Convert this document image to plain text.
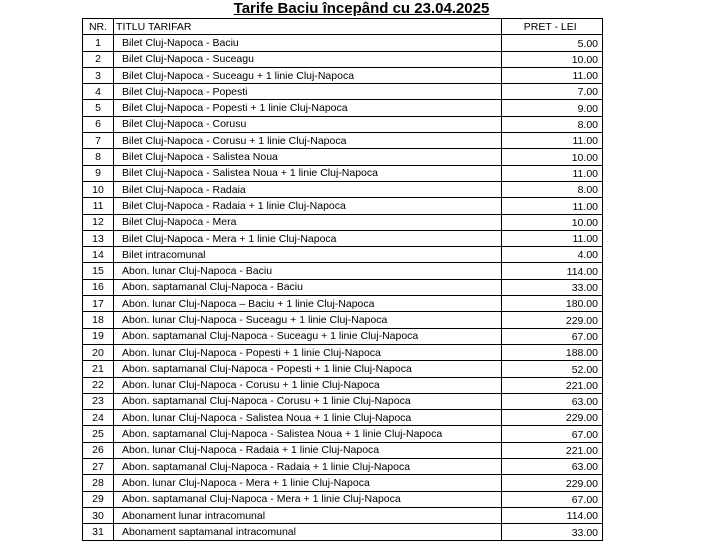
Tarife Baciu începând cu 23.04.2025
NR.	TITLU TARIFAR	PRET - LEI
1	Bilet Cluj-Napoca - Baciu	5.00
2	Bilet Cluj-Napoca - Suceagu	10.00
3	Bilet Cluj-Napoca - Suceagu + 1 linie Cluj-Napoca	11.00
4	Bilet Cluj-Napoca - Popesti	7.00
5	Bilet Cluj-Napoca - Popesti + 1 linie Cluj-Napoca	9.00
6	Bilet Cluj-Napoca - Corusu	8.00
7	Bilet Cluj-Napoca - Corusu + 1 linie Cluj-Napoca	11.00
8	Bilet Cluj-Napoca - Salistea Noua	10.00
9	Bilet Cluj-Napoca - Salistea Noua + 1 linie Cluj-Napoca	11.00
10	Bilet Cluj-Napoca - Radaia	8.00
11	Bilet Cluj-Napoca - Radaia + 1 linie Cluj-Napoca	11.00
12	Bilet Cluj-Napoca - Mera	10.00
13	Bilet Cluj-Napoca - Mera + 1 linie Cluj-Napoca	11.00
14	Bilet intracomunal	4.00
15	Abon. lunar Cluj-Napoca - Baciu	114.00
16	Abon. saptamanal Cluj-Napoca - Baciu	33.00
17	Abon. lunar Cluj-Napoca – Baciu + 1 linie Cluj-Napoca	180.00
18	Abon. lunar Cluj-Napoca - Suceagu + 1 linie Cluj-Napoca	229.00
19	Abon. saptamanal Cluj-Napoca - Suceagu + 1 linie Cluj-Napoca	67.00
20	Abon. lunar Cluj-Napoca - Popesti + 1 linie Cluj-Napoca	188.00
21	Abon. saptamanal Cluj-Napoca - Popesti + 1 linie Cluj-Napoca	52.00
22	Abon. lunar Cluj-Napoca - Corusu + 1 linie Cluj-Napoca	221.00
23	Abon. saptamanal Cluj-Napoca - Corusu + 1 linie Cluj-Napoca	63.00
24	Abon. lunar Cluj-Napoca - Salistea Noua + 1 linie Cluj-Napoca	229.00
25	Abon. saptamanal Cluj-Napoca - Salistea Noua + 1 linie Cluj-Napoca	67.00
26	Abon. lunar Cluj-Napoca - Radaia + 1 linie Cluj-Napoca	221.00
27	Abon. saptamanal Cluj-Napoca - Radaia + 1 linie Cluj-Napoca	63.00
28	Abon. lunar Cluj-Napoca - Mera + 1 linie Cluj-Napoca	229.00
29	Abon. saptamanal Cluj-Napoca - Mera + 1 linie Cluj-Napoca	67.00
30	Abonament lunar intracomunal	114.00
31	Abonament saptamanal intracomunal	33.00
